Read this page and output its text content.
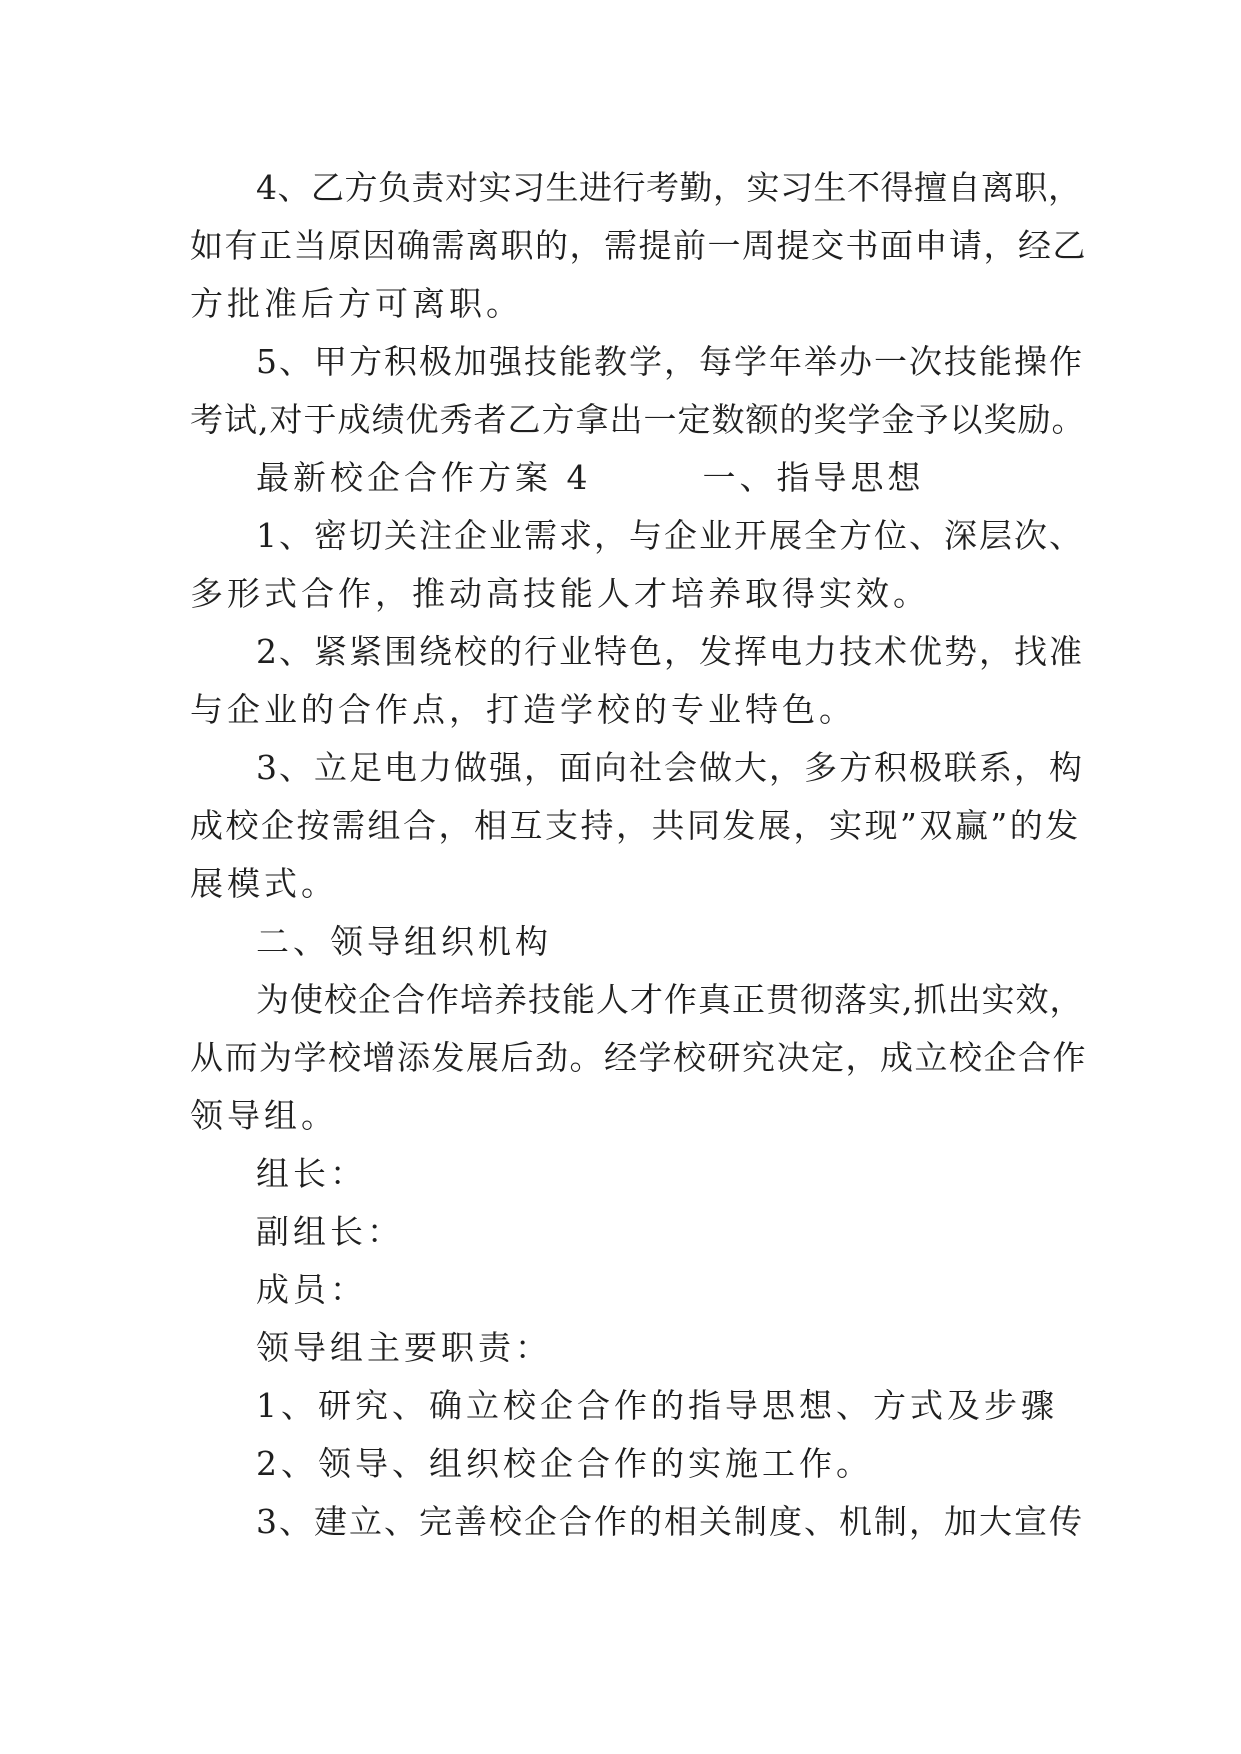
4、乙方负责对实习生进行考勤，实习生不得擅自离职，

如有正当原因确需离职的，需提前一周提交书面申请，经乙

方批准后方可离职。

5、甲方积极加强技能教学，每学年举办一次技能操作

考试,对于成绩优秀者乙方拿出一定数额的奖学金予以奖励。

最新校企合作方案 4　　　一、指导思想

1、密切关注企业需求，与企业开展全方位、深层次、

多形式合作，推动高技能人才培养取得实效。

2、紧紧围绕校的行业特色，发挥电力技术优势，找准

与企业的合作点，打造学校的专业特色。

3、立足电力做强，面向社会做大，多方积极联系，构

成校企按需组合，相互支持，共同发展，实现”双赢”的发

展模式。

二、领导组织机构

为使校企合作培养技能人才作真正贯彻落实,抓出实效，

从而为学校增添发展后劲。经学校研究决定，成立校企合作

领导组。

组长：

副组长：

成员：

领导组主要职责：

1、研究、确立校企合作的指导思想、方式及步骤

2、领导、组织校企合作的实施工作。

3、建立、完善校企合作的相关制度、机制，加大宣传
